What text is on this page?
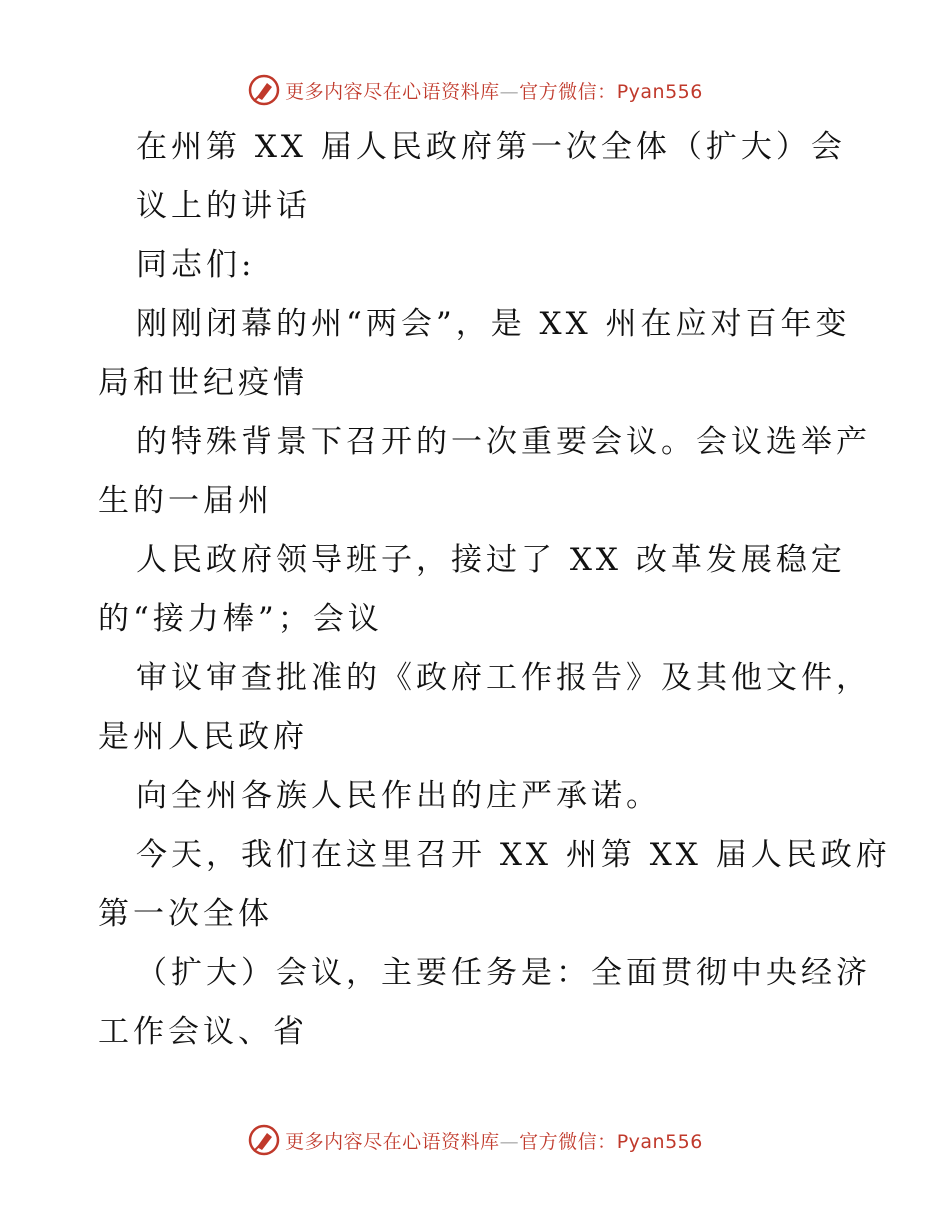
更多内容尽在心语资料库—官方微信：Pyan556
在州第 XX 届人民政府第一次全体（扩大）会
议上的讲话
同志们:
刚刚闭幕的州“两会”，是 XX 州在应对百年变
局和世纪疫情
的特殊背景下召开的一次重要会议。会议选举产
生的一届州
人民政府领导班子，接过了 XX 改革发展稳定
的“接力棒”；会议
审议审查批准的《政府工作报告》及其他文件，
是州人民政府
向全州各族人民作出的庄严承诺。
今天，我们在这里召开 XX 州第 XX 届人民政府
第一次全体
（扩大）会议，主要任务是：全面贯彻中央经济
工作会议、省
更多内容尽在心语资料库—官方微信：Pyan556
